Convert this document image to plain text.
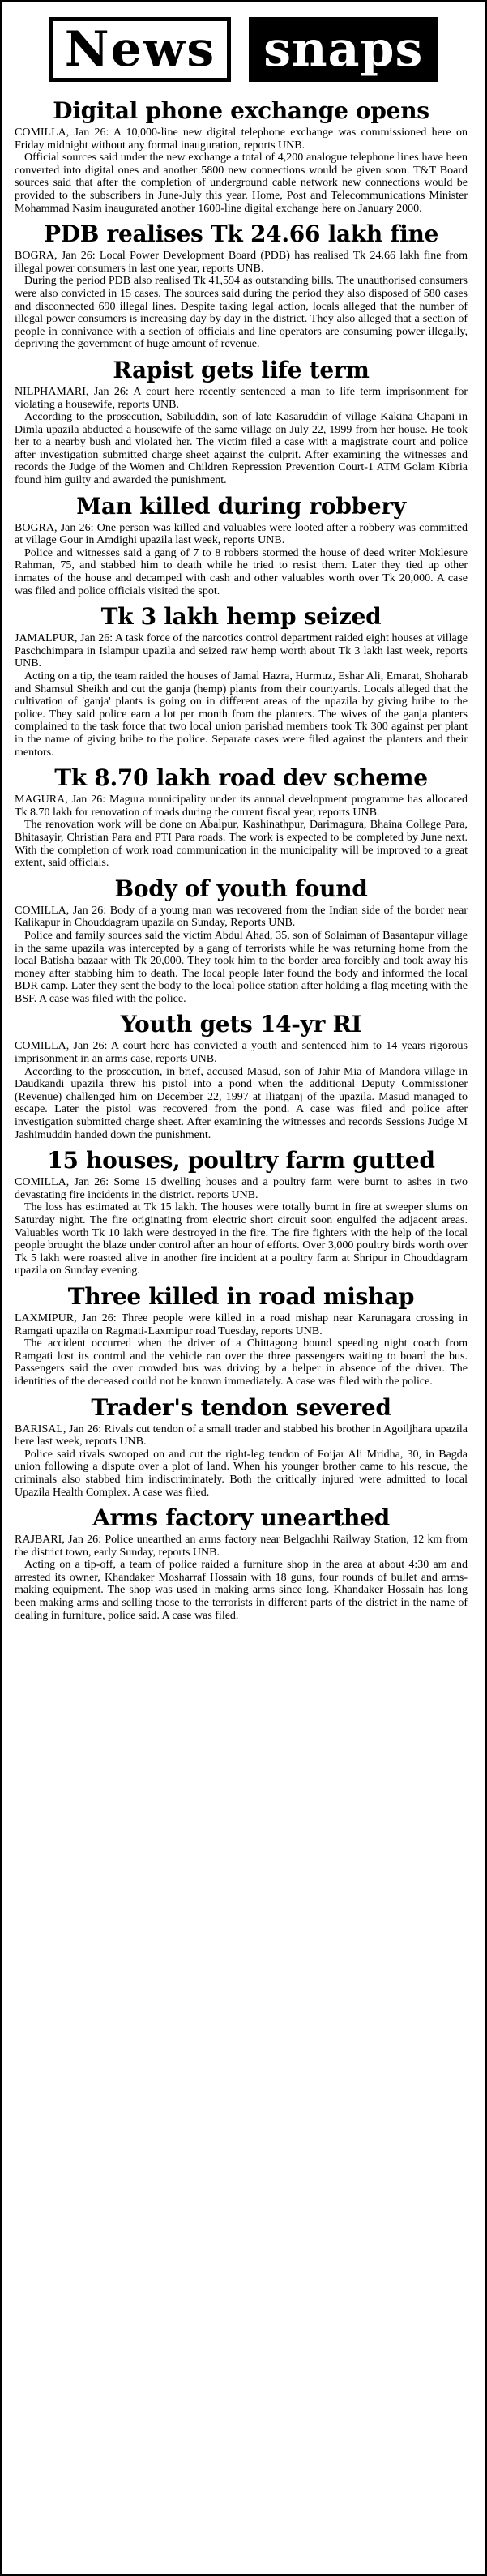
News snaps
Digital phone exchange opens

COMILLA, Jan 26: A 10,000-line new digital telephone exchange was commissioned here on Friday midnight without any formal inauguration, reports UNB.

Official sources said under the new exchange a total of 4,200 analogue telephone lines have been converted into digital ones and another 5800 new connections would be given soon. T&T Board sources said that after the completion of underground cable network new connections would be provided to the subscribers in June-July this year. Home, Post and Telecommunications Minister Mohammad Nasim inaugurated another 1600-line digital exchange here on January 2000.

PDB realises Tk 24.66 lakh fine

BOGRA, Jan 26: Local Power Development Board (PDB) has realised Tk 24.66 lakh fine from illegal power consumers in last one year, reports UNB.

During the period PDB also realised Tk 41,594 as outstanding bills. The unauthorised consumers were also convicted in 15 cases. The sources said during the period they also disposed of 580 cases and disconnected 690 illegal lines. Despite taking legal action, locals alleged that the number of illegal power consumers is increasing day by day in the district. They also alleged that a section of people in connivance with a section of officials and line operators are consuming power illegally, depriving the government of huge amount of revenue.

Rapist gets life term

NILPHAMARI, Jan 26: A court here recently sentenced a man to life term imprisonment for violating a housewife, reports UNB.

According to the prosecution, Sabiluddin, son of late Kasaruddin of village Kakina Chapani in Dimla upazila abducted a housewife of the same village on July 22, 1999 from her house. He took her to a nearby bush and violated her. The victim filed a case with a magistrate court and police after investigation submitted charge sheet against the culprit. After examining the witnesses and records the Judge of the Women and Children Repression Prevention Court-1 ATM Golam Kibria found him guilty and awarded the punishment.

Man killed during robbery

BOGRA, Jan 26: One person was killed and valuables were looted after a robbery was committed at village Gour in Amdighi upazila last week, reports UNB.

Police and witnesses said a gang of 7 to 8 robbers stormed the house of deed writer Moklesure Rahman, 75, and stabbed him to death while he tried to resist them. Later they tied up other inmates of the house and decamped with cash and other valuables worth over Tk 20,000. A case was filed and police officials visited the spot.

Tk 3 lakh hemp seized

JAMALPUR, Jan 26: A task force of the narcotics control department raided eight houses at village Paschchimpara in Islampur upazila and seized raw hemp worth about Tk 3 lakh last week, reports UNB.

Acting on a tip, the team raided the houses of Jamal Hazra, Hurmuz, Eshar Ali, Emarat, Shoharab and Shamsul Sheikh and cut the ganja (hemp) plants from their courtyards. Locals alleged that the cultivation of 'ganja' plants is going on in different areas of the upazila by giving bribe to the police. They said police earn a lot per month from the planters. The wives of the ganja planters complained to the task force that two local union parishad members took Tk 300 against per plant in the name of giving bribe to the police. Separate cases were filed against the planters and their mentors.

Tk 8.70 lakh road dev scheme

MAGURA, Jan 26: Magura municipality under its annual development programme has allocated Tk 8.70 lakh for renovation of roads during the current fiscal year, reports UNB.

The renovation work will be done on Abalpur, Kashinathpur, Darimagura, Bhaina College Para, Bhitasayir, Christian Para and PTI Para roads. The work is expected to be completed by June next. With the completion of work road communication in the municipality will be improved to a great extent, said officials.

Body of youth found

COMILLA, Jan 26: Body of a young man was recovered from the Indian side of the border near Kalikapur in Chouddagram upazila on Sunday, Reports UNB.

Police and family sources said the victim Abdul Ahad, 35, son of Solaiman of Basantapur village in the same upazila was intercepted by a gang of terrorists while he was returning home from the local Batisha bazaar with Tk 20,000. They took him to the border area forcibly and took away his money after stabbing him to death. The local people later found the body and informed the local BDR camp. Later they sent the body to the local police station after holding a flag meeting with the BSF. A case was filed with the police.

Youth gets 14-yr RI

COMILLA, Jan 26: A court here has convicted a youth and sentenced him to 14 years rigorous imprisonment in an arms case, reports UNB.

According to the prosecution, in brief, accused Masud, son of Jahir Mia of Mandora village in Daudkandi upazila threw his pistol into a pond when the additional Deputy Commissioner (Revenue) challenged him on December 22, 1997 at Iliatganj of the upazila. Masud managed to escape. Later the pistol was recovered from the pond. A case was filed and police after investigation submitted charge sheet. After examining the witnesses and records Sessions Judge M Jashimuddin handed down the punishment.

15 houses, poultry farm gutted

COMILLA, Jan 26: Some 15 dwelling houses and a poultry farm were burnt to ashes in two devastating fire incidents in the district. reports UNB.

The loss has estimated at Tk 15 lakh. The houses were totally burnt in fire at sweeper slums on Saturday night. The fire originating from electric short circuit soon engulfed the adjacent areas. Valuables worth Tk 10 lakh were destroyed in the fire. The fire fighters with the help of the local people brought the blaze under control after an hour of efforts. Over 3,000 poultry birds worth over Tk 5 lakh were roasted alive in another fire incident at a poultry farm at Shripur in Chouddagram upazila on Sunday evening.

Three killed in road mishap

LAXMIPUR, Jan 26: Three people were killed in a road mishap near Karunagara crossing in Ramgati upazila on Ragmati-Laxmipur road Tuesday, reports UNB.

The accident occurred when the driver of a Chittagong bound speeding night coach from Ramgati lost its control and the vehicle ran over the three passengers waiting to board the bus. Passengers said the over crowded bus was driving by a helper in absence of the driver. The identities of the deceased could not be known immediately. A case was filed with the police.

Trader's tendon severed

BARISAL, Jan 26: Rivals cut tendon of a small trader and stabbed his brother in Agoiljhara upazila here last week, reports UNB.

Police said rivals swooped on and cut the right-leg tendon of Foijar Ali Mridha, 30, in Bagda union following a dispute over a plot of land. When his younger brother came to his rescue, the criminals also stabbed him indiscriminately. Both the critically injured were admitted to local Upazila Health Complex. A case was filed.

Arms factory unearthed

RAJBARI, Jan 26: Police unearthed an arms factory near Belgachhi Railway Station, 12 km from the district town, early Sunday, reports UNB.

Acting on a tip-off, a team of police raided a furniture shop in the area at about 4:30 am and arrested its owner, Khandaker Mosharraf Hossain with 18 guns, four rounds of bullet and arms-making equipment. The shop was used in making arms since long. Khandaker Hossain has long been making arms and selling those to the terrorists in different parts of the district in the name of dealing in furniture, police said. A case was filed.
